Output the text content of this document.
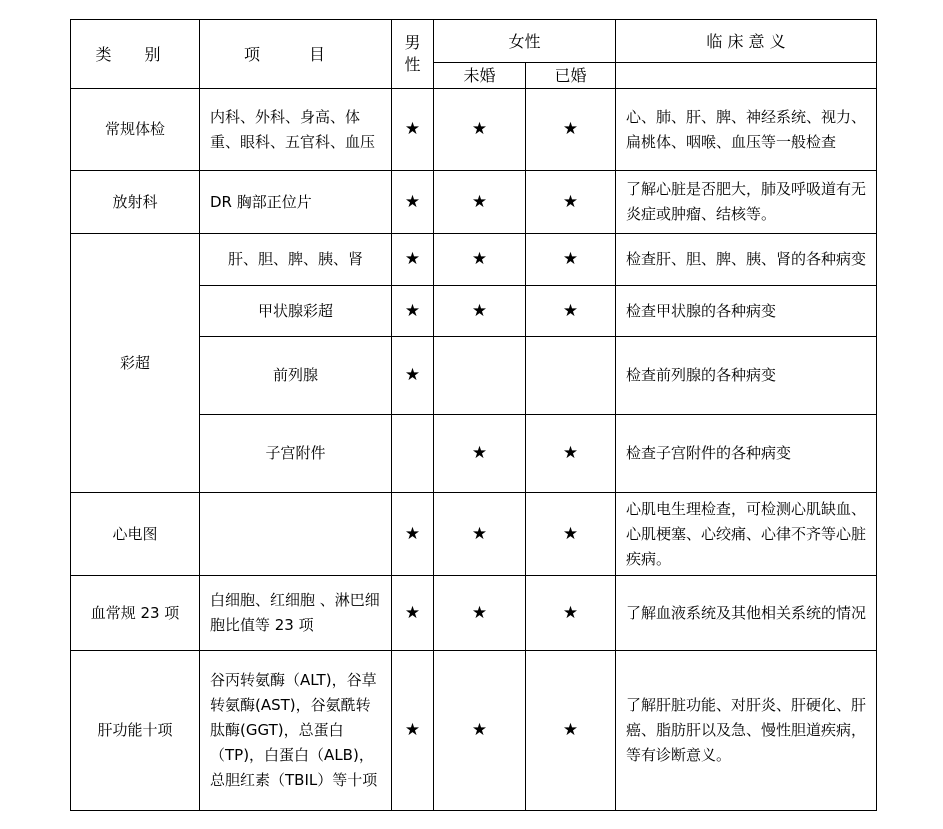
类 别	项 目	男性	女性		临 床 意 义
			未婚	已婚	
常规体检	内科、外科、身高、体重、眼科、五官科、血压	★	★	★	心、肺、肝、脾、神经系统、视力、扁桃体、咽喉、血压等一般检查
放射科	DR 胸部正位片	★	★	★	了解心脏是否肥大，肺及呼吸道有无炎症或肿瘤、结核等。
彩超	肝、胆、脾、胰、肾	★	★	★	检查肝、胆、脾、胰、肾的各种病变
	甲状腺彩超	★	★	★	检查甲状腺的各种病变
	前列腺	★			检查前列腺的各种病变
	子宫附件		★	★	检查子宫附件的各种病变
心电图		★	★	★	心肌电生理检查，可检测心肌缺血、心肌梗塞、心绞痛、心律不齐等心脏疾病。
血常规 23 项	白细胞、红细胞 、淋巴细胞比值等 23 项	★	★	★	了解血液系统及其他相关系统的情况
肝功能十项	谷丙转氨酶（ALT)，谷草转氨酶(AST)，谷氨酰转肽酶(GGT)，总蛋白（TP)，白蛋白（ALB)，总胆红素（TBIL）等十项	★	★	★	了解肝脏功能、对肝炎、肝硬化、肝癌、脂肪肝以及急、慢性胆道疾病，等有诊断意义。
